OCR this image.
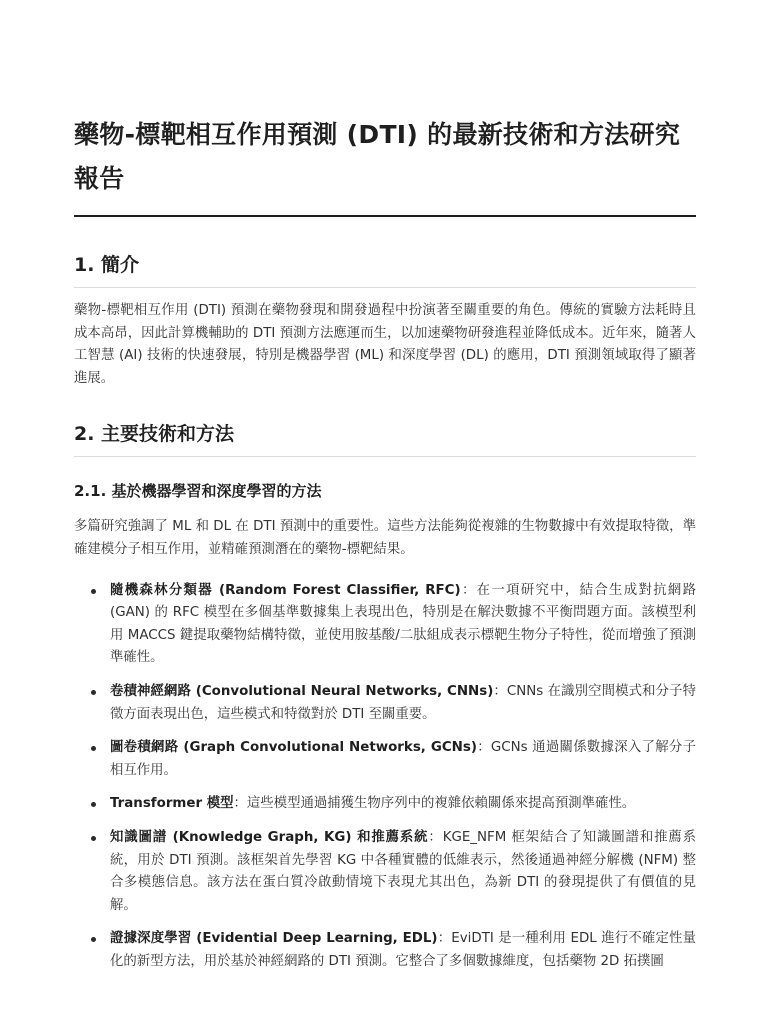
藥物-標靶相互作用預測 (DTI) 的最新技術和方法研究報告
1. 簡介

藥物-標靶相互作用 (DTI) 預測在藥物發現和開發過程中扮演著至關重要的角色。傳統的實驗方法耗時且成本高昂，因此計算機輔助的 DTI 預測方法應運而生，以加速藥物研發進程並降低成本。近年來，隨著人工智慧 (AI) 技術的快速發展，特別是機器學習 (ML) 和深度學習 (DL) 的應用，DTI 預測領域取得了顯著進展。

2. 主要技術和方法
2.1. 基於機器學習和深度學習的方法

多篇研究強調了 ML 和 DL 在 DTI 預測中的重要性。這些方法能夠從複雜的生物數據中有效提取特徵，準確建模分子相互作用，並精確預測潛在的藥物-標靶結果。

隨機森林分類器 (Random Forest Classifier, RFC)：在一項研究中，結合生成對抗網路 (GAN) 的 RFC 模型在多個基準數據集上表現出色，特別是在解決數據不平衡問題方面。該模型利用 MACCS 鍵提取藥物結構特徵，並使用胺基酸/二肽組成表示標靶生物分子特性，從而增強了預測準確性。
卷積神經網路 (Convolutional Neural Networks, CNNs)：CNNs 在識別空間模式和分子特徵方面表現出色，這些模式和特徵對於 DTI 至關重要。
圖卷積網路 (Graph Convolutional Networks, GCNs)：GCNs 通過關係數據深入了解分子相互作用。
Transformer 模型：這些模型通過捕獲生物序列中的複雜依賴關係來提高預測準確性。
知識圖譜 (Knowledge Graph, KG) 和推薦系統：KGE_NFM 框架結合了知識圖譜和推薦系統，用於 DTI 預測。該框架首先學習 KG 中各種實體的低維表示，然後通過神經分解機 (NFM) 整合多模態信息。該方法在蛋白質冷啟動情境下表現尤其出色，為新 DTI 的發現提供了有價值的見解。
證據深度學習 (Evidential Deep Learning, EDL)：EviDTI 是一種利用 EDL 進行不確定性量化的新型方法，用於基於神經網路的 DTI 預測。它整合了多個數據維度，包括藥物 2D 拓撲圖
